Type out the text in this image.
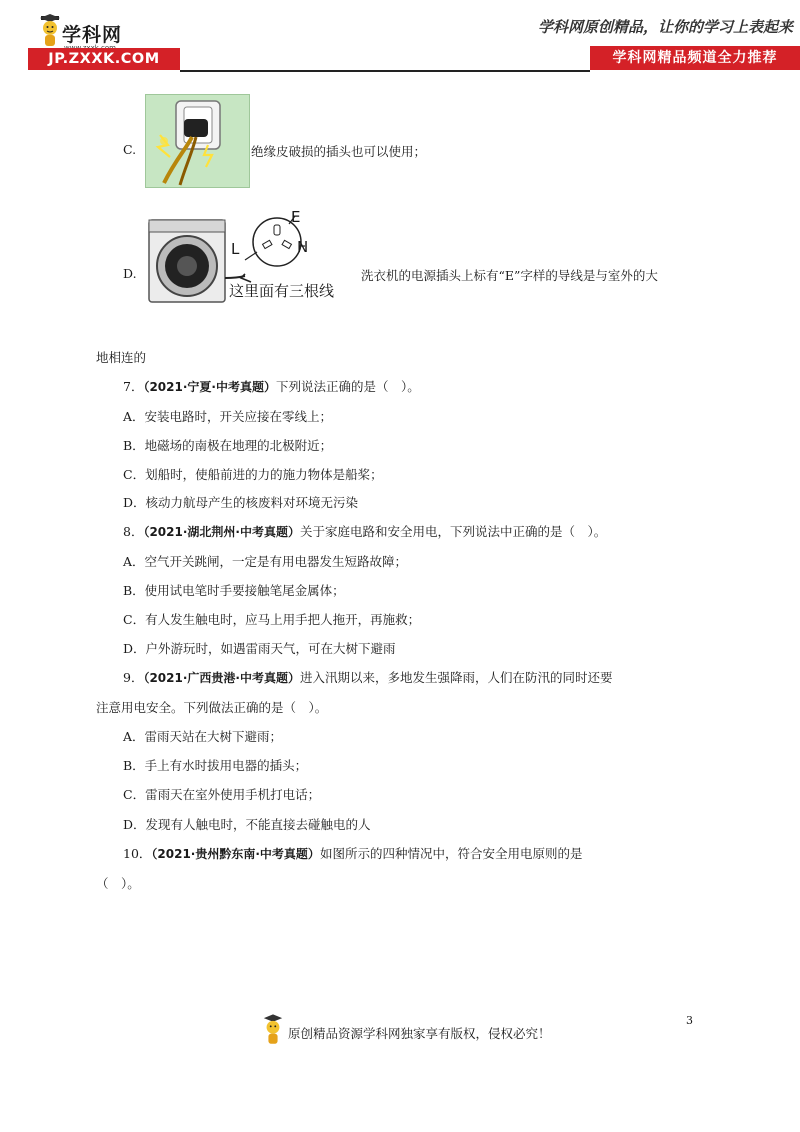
学科网
JP.ZXXK.COM
学科网原创精品，让你的学习上表起来
学科网精品频道全力推荐
C.	绝缘皮破损的插头也可以使用；
E
L	N
这里面有三根线
D.	洗衣机的电源插头上标有“E”字样的导线是与室外的大
地相连的
7．（2021·宁夏·中考真题）下列说法正确的是（　）。
A．安装电路时，开关应接在零线上；
B．地磁场的南极在地理的北极附近；
C．划船时，使船前进的力的施力物体是船桨；
D．核动力航母产生的核废料对环境无污染
8．（2021·湖北荆州·中考真题）关于家庭电路和安全用电，下列说法中正确的是（　）。
A．空气开关跳闸，一定是有用电器发生短路故障；
B．使用试电笔时手要接触笔尾金属体；
C．有人发生触电时，应马上用手把人拖开，再施救；
D．户外游玩时，如遇雷雨天气，可在大树下避雨
9．（2021·广西贵港·中考真题）进入汛期以来，多地发生强降雨，人们在防汛的同时还要
注意用电安全。下列做法正确的是（　）。
A．雷雨天站在大树下避雨；
B．手上有水时拔用电器的插头；
C．雷雨天在室外使用手机打电话；
D．发现有人触电时，不能直接去碰触电的人
10．（2021·贵州黔东南·中考真题）如图所示的四种情况中，符合安全用电原则的是
（　）。
原创精品资源学科网独家享有版权，侵权必究！
3
